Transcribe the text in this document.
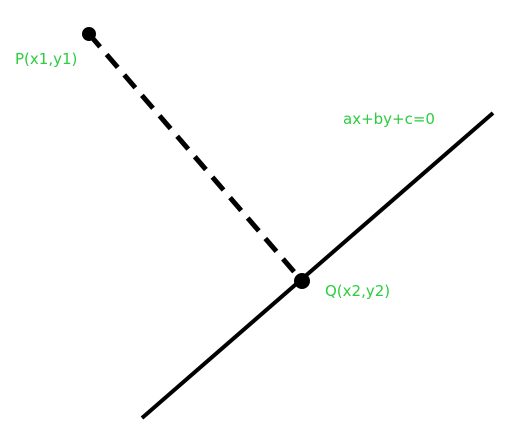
P(x1,y1)
Q(x2,y2)
ax+by+c=0
